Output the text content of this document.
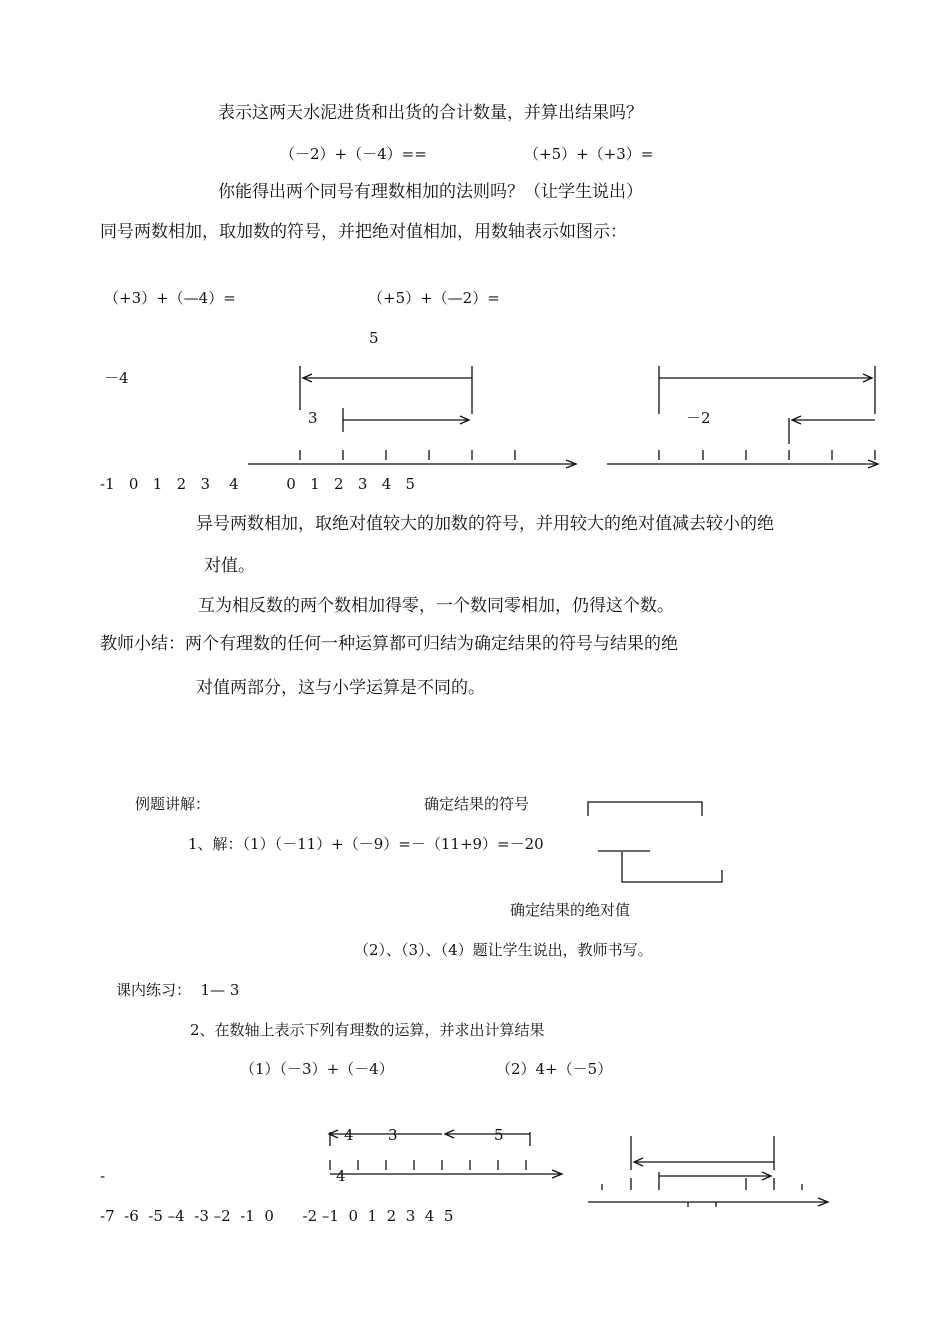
表示这两天水泥进货和出货的合计数量，并算出结果吗？
（－2）+（－4）==	（+5）+（+3）=
你能得出两个同号有理数相加的法则吗？（让学生说出）
同号两数相加，取加数的符号，并把绝对值相加，用数轴表示如图示：
（+3）+（—4）=	（+5）+（—2）=
5
－4
3	－2
-1   0   1   2   3    4          0   1   2   3   4   5
异号两数相加，取绝对值较大的加数的符号，并用较大的绝对值减去较小的绝
对值。
互为相反数的两个数相加得零，一个数同零相加，仍得这个数。
教师小结：两个有理数的任何一种运算都可归结为确定结果的符号与结果的绝
对值两部分，这与小学运算是不同的。
例题讲解：	确定结果的符号
1、解：（1）（－11）+（－9）=－（11+9）=－20
确定结果的绝对值
（2）、（3）、（4）题让学生说出，教师书写。
课内练习：  1— 3
2、在数轴上表示下列有理数的运算，并求出计算结果
（1）（－3）+（－4）	（2）4+（－5）
4 3	5
-	4
-7  -6  -5 –4  -3 –2  -1  0      -2 –1  0  1  2  3  4  5
